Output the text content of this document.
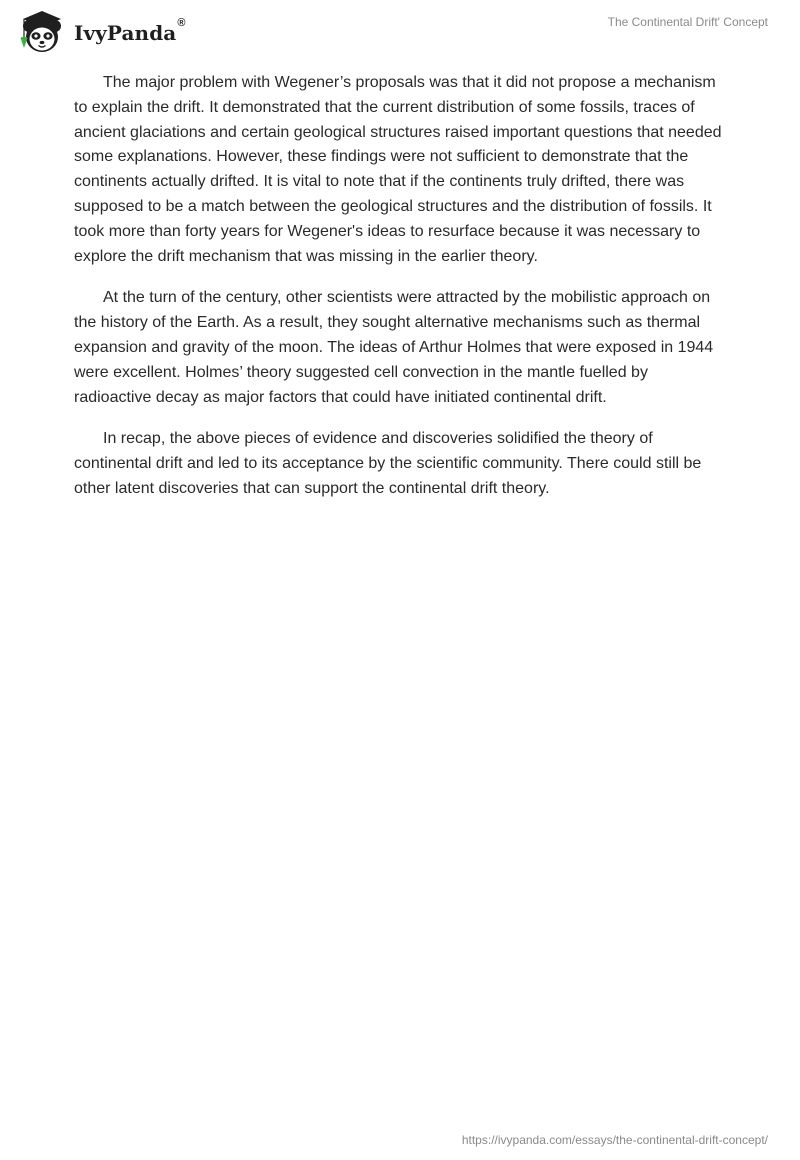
IvyPanda®	The Continental Drift' Concept

The major problem with Wegener’s proposals was that it did not propose a mechanism to explain the drift. It demonstrated that the current distribution of some fossils, traces of ancient glaciations and certain geological structures raised important questions that needed some explanations. However, these findings were not sufficient to demonstrate that the continents actually drifted. It is vital to note that if the continents truly drifted, there was supposed to be a match between the geological structures and the distribution of fossils. It took more than forty years for Wegener's ideas to resurface because it was necessary to explore the drift mechanism that was missing in the earlier theory.

At the turn of the century, other scientists were attracted by the mobilistic approach on the history of the Earth. As a result, they sought alternative mechanisms such as thermal expansion and gravity of the moon. The ideas of Arthur Holmes that were exposed in 1944 were excellent. Holmes’ theory suggested cell convection in the mantle fuelled by radioactive decay as major factors that could have initiated continental drift.

In recap, the above pieces of evidence and discoveries solidified the theory of continental drift and led to its acceptance by the scientific community. There could still be other latent discoveries that can support the continental drift theory.

https://ivypanda.com/essays/the-continental-drift-concept/
